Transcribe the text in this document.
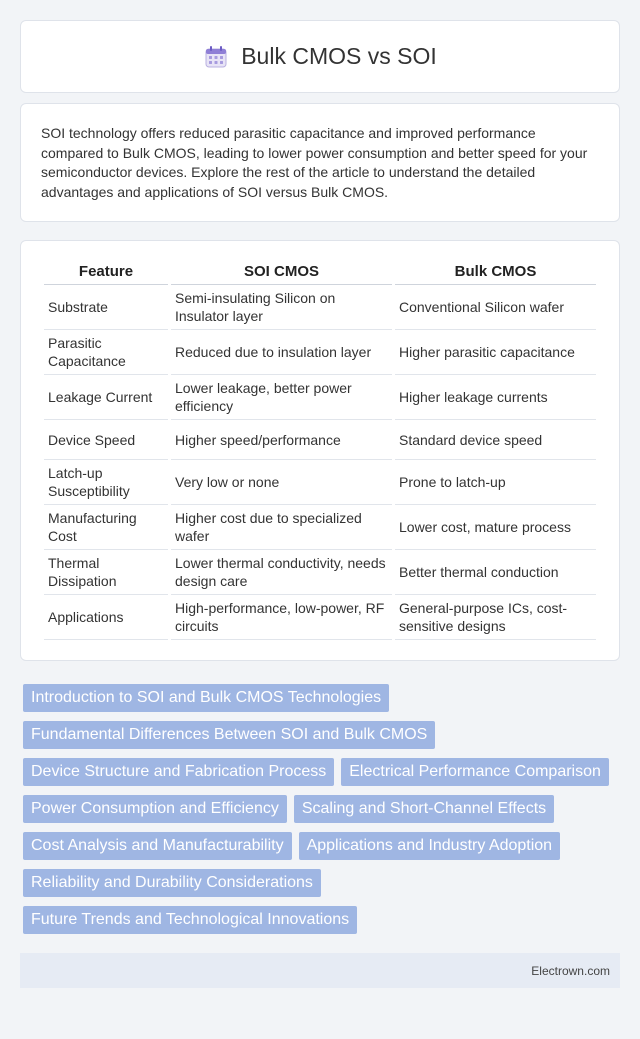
Bulk CMOS vs SOI

SOI technology offers reduced parasitic capacitance and improved performance compared to Bulk CMOS, leading to lower power consumption and better speed for your semiconductor devices. Explore the rest of the article to understand the detailed advantages and applications of SOI versus Bulk CMOS.

Feature	SOI CMOS	Bulk CMOS
Substrate	Semi-insulating Silicon on Insulator layer	Conventional Silicon wafer
Parasitic Capacitance	Reduced due to insulation layer	Higher parasitic capacitance
Leakage Current	Lower leakage, better power efficiency	Higher leakage currents
Device Speed	Higher speed/performance	Standard device speed
Latch-up Susceptibility	Very low or none	Prone to latch-up
Manufacturing Cost	Higher cost due to specialized wafer	Lower cost, mature process
Thermal Dissipation	Lower thermal conductivity, needs design care	Better thermal conduction
Applications	High-performance, low-power, RF circuits	General-purpose ICs, cost-sensitive designs
Introduction to SOI and Bulk CMOS Technologies
Fundamental Differences Between SOI and Bulk CMOS
Device Structure and Fabrication Process	Electrical Performance Comparison
Power Consumption and Efficiency	Scaling and Short-Channel Effects
Cost Analysis and Manufacturability	Applications and Industry Adoption
Reliability and Durability Considerations
Future Trends and Technological Innovations
Electrown.com
